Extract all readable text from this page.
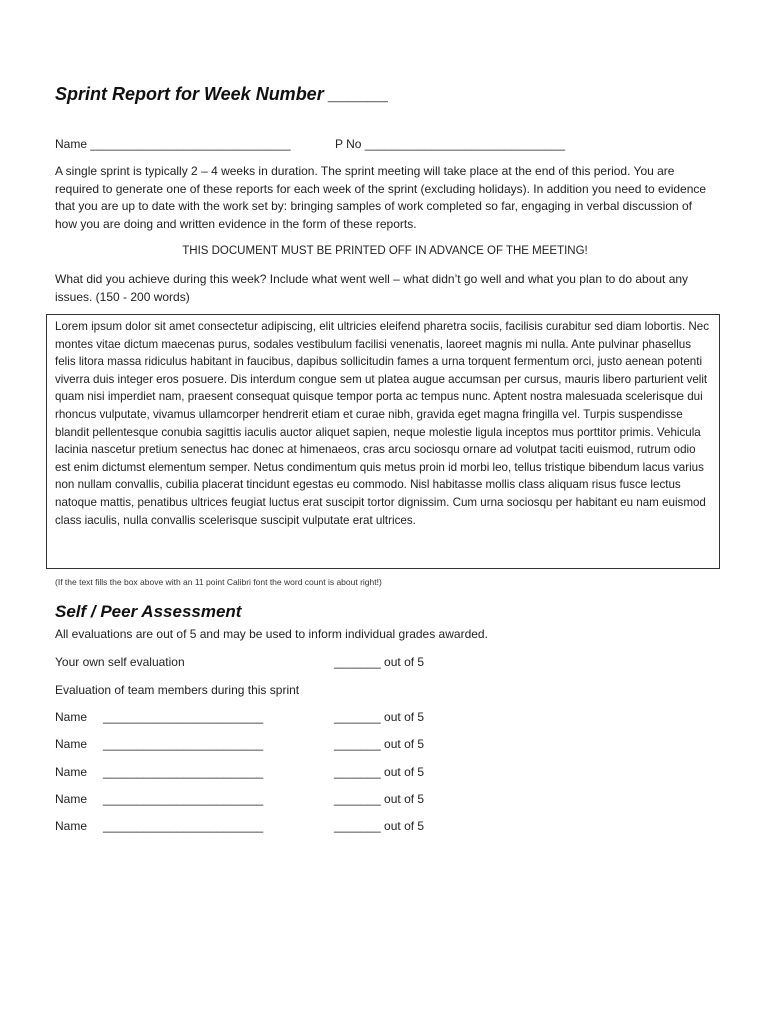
Sprint Report for Week Number ______
Name ______________________________	P No ______________________________
A single sprint is typically 2 – 4 weeks in duration. The sprint meeting will take place at the end of this period. You are required to generate one of these reports for each week of the sprint (excluding holidays). In addition you need to evidence that you are up to date with the work set by: bringing samples of work completed so far, engaging in verbal discussion of how you are doing and written evidence in the form of these reports.
THIS DOCUMENT MUST BE PRINTED OFF IN ADVANCE OF THE MEETING!
What did you achieve during this week? Include what went well – what didn’t go well and what you plan to do about any issues. (150 - 200 words)
Lorem ipsum dolor sit amet consectetur adipiscing, elit ultricies eleifend pharetra sociis, facilisis curabitur sed diam lobortis. Nec montes vitae dictum maecenas purus, sodales vestibulum facilisi venenatis, laoreet magnis mi nulla. Ante pulvinar phasellus felis litora massa ridiculus habitant in faucibus, dapibus sollicitudin fames a urna torquent fermentum orci, justo aenean potenti viverra duis integer eros posuere. Dis interdum congue sem ut platea augue accumsan per cursus, mauris libero parturient velit quam nisi imperdiet nam, praesent consequat quisque tempor porta ac tempus nunc. Aptent nostra malesuada scelerisque dui rhoncus vulputate, vivamus ullamcorper hendrerit etiam et curae nibh, gravida eget magna fringilla vel. Turpis suspendisse blandit pellentesque conubia sagittis iaculis auctor aliquet sapien, neque molestie ligula inceptos mus porttitor primis. Vehicula lacinia nascetur pretium senectus hac donec at himenaeos, cras arcu sociosqu ornare ad volutpat taciti euismod, rutrum odio est enim dictumst elementum semper. Netus condimentum quis metus proin id morbi leo, tellus tristique bibendum lacus varius non nullam convallis, cubilia placerat tincidunt egestas eu commodo. Nisl habitasse mollis class aliquam risus fusce lectus natoque mattis, penatibus ultrices feugiat luctus erat suscipit tortor dignissim. Cum urna sociosqu per habitant eu nam euismod class iaculis, nulla convallis scelerisque suscipit vulputate erat ultrices.
(If the text fills the box above with an 11 point Calibri font the word count is about right!)
Self / Peer Assessment
All evaluations are out of 5 and may be used to inform individual grades awarded.
Your own self evaluation	_______ out of 5
Evaluation of team members during this sprint
Name ________________________	_______ out of 5
Name ________________________	_______ out of 5
Name ________________________	_______ out of 5
Name ________________________	_______ out of 5
Name ________________________	_______ out of 5
